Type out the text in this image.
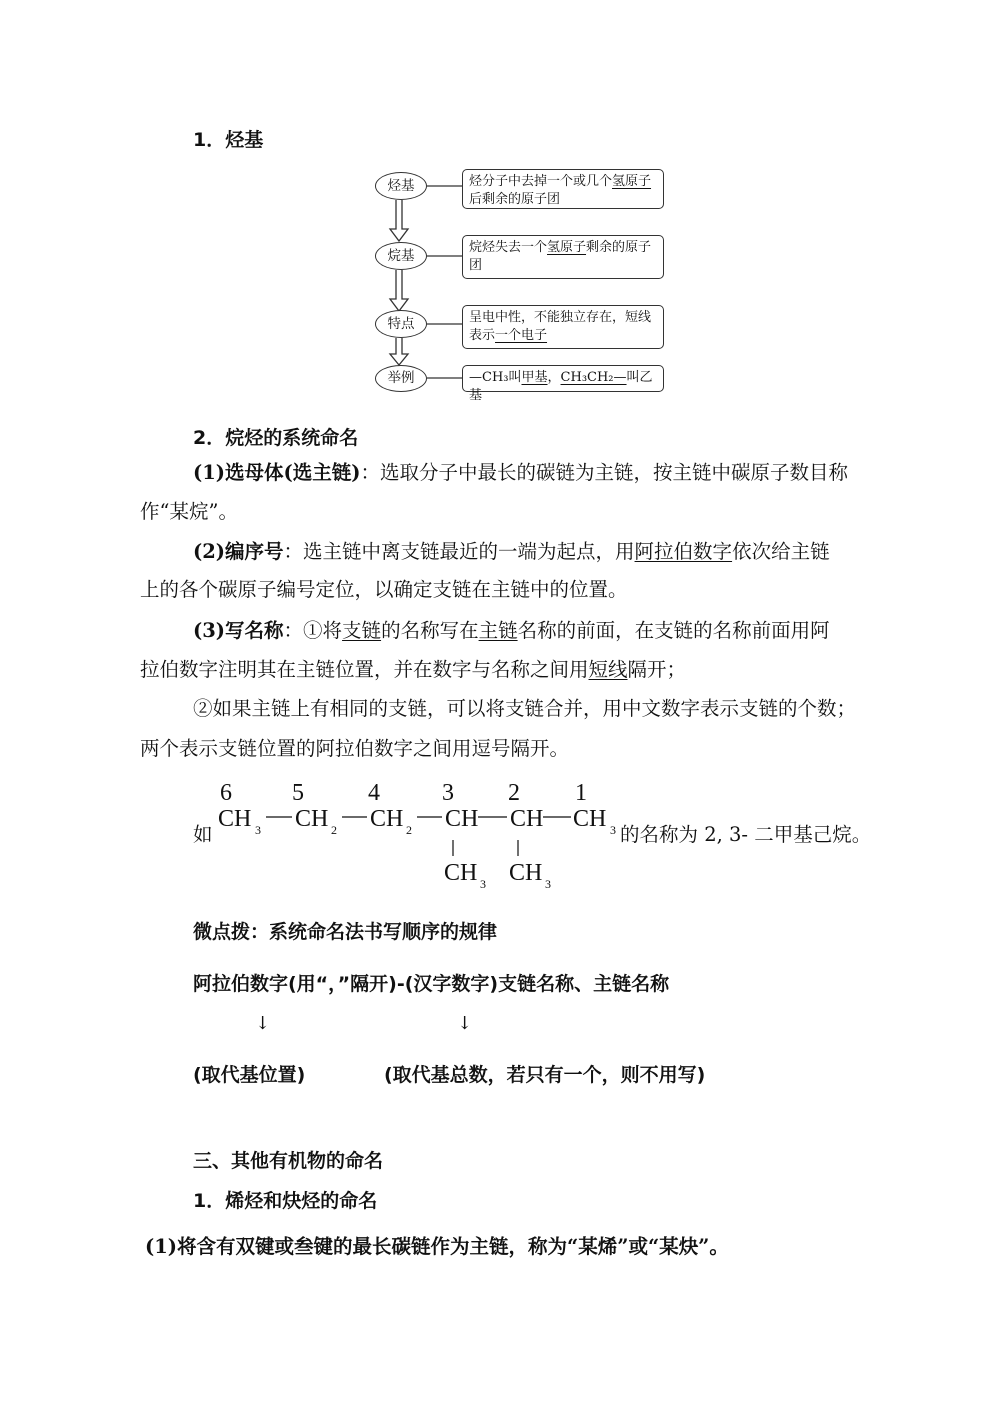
1．烃基
烃基	烃分子中去掉一个或几个氢原子后剩余的原子团
烷基
烷烃失去一个氢原子剩余的原子团
特点	呈电中性，不能独立存在，短线表示一个电子
举例	—CH₃叫甲基，CH₃CH₂—叫乙基
2．烷烃的系统命名
(1)选母体(选主链)：选取分子中最长的碳链为主链，按主链中碳原子数目称
作“某烷”。
(2)编序号：选主链中离支链最近的一端为起点，用阿拉伯数字依次给主链
上的各个碳原子编号定位，以确定支链在主链中的位置。
(3)写名称：①将支链的名称写在主链名称的前面，在支链的名称前面用阿
拉伯数字注明其在主链位置，并在数字与名称之间用短线隔开；
②如果主链上有相同的支链，可以将支链合并，用中文数字表示支链的个数；
两个表示支链位置的阿拉伯数字之间用逗号隔开。
如
6	5	4	3 2 1
CH CH CH CH CH CH
3	2	2	3
CH CH
3	3
的名称为 2, 3- 二甲基己烷。
微点拨：系统命名法书写顺序的规律
阿拉伯数字(用“，”隔开)-(汉字数字)支链名称、主链名称
↓	↓
(取代基位置)	(取代基总数，若只有一个，则不用写)
三、其他有机物的命名
1．烯烃和炔烃的命名
(1)将含有双键或叁键的最长碳链作为主链，称为“某烯”或“某炔”。
